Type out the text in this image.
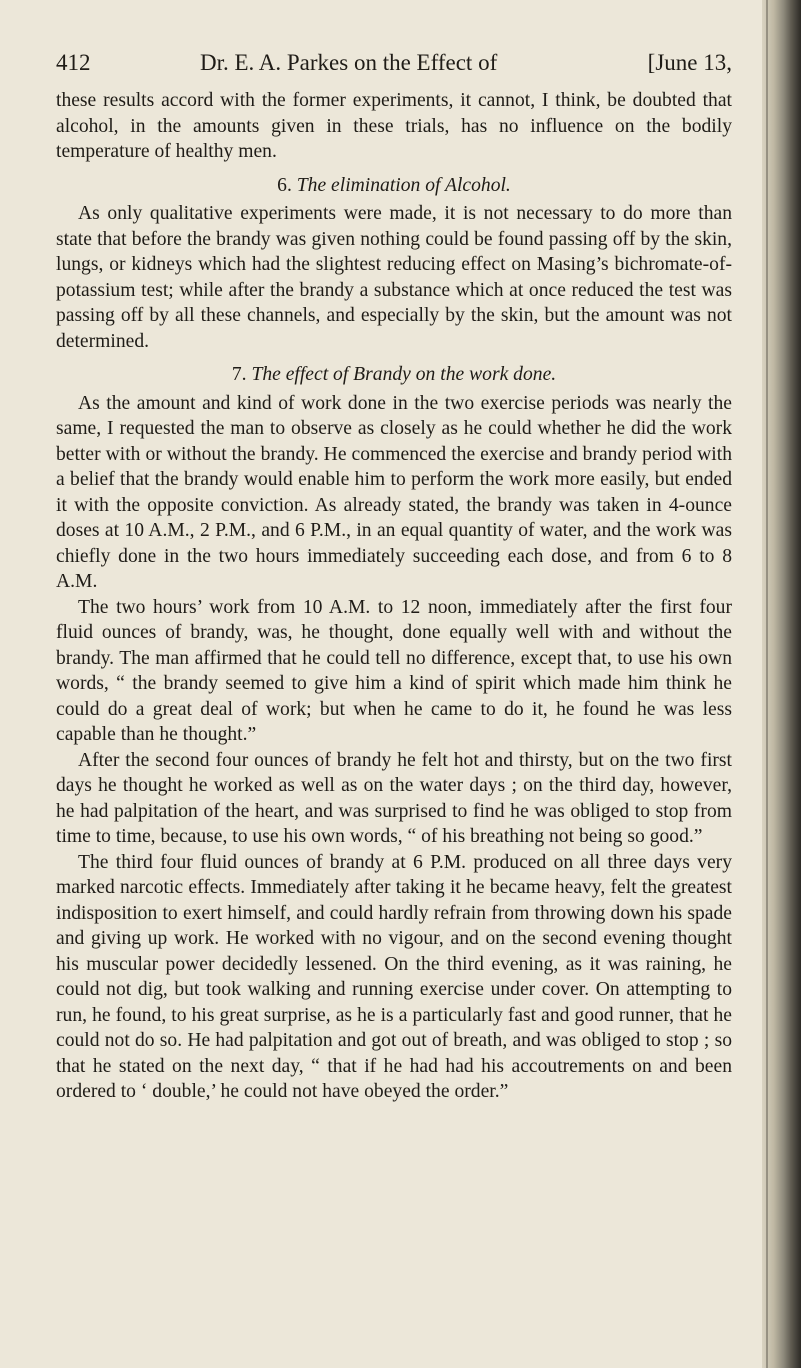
412	Dr. E. A. Parkes on the Effect of	[June 13,

these results accord with the former experiments, it cannot, I think, be doubted that alcohol, in the amounts given in these trials, has no influence on the bodily temperature of healthy men.

6. The elimination of Alcohol.

As only qualitative experiments were made, it is not necessary to do more than state that before the brandy was given nothing could be found passing off by the skin, lungs, or kidneys which had the slightest reducing effect on Masing’s bichromate-of-potassium test; while after the brandy a substance which at once reduced the test was passing off by all these channels, and especially by the skin, but the amount was not determined.

7. The effect of Brandy on the work done.

As the amount and kind of work done in the two exercise periods was nearly the same, I requested the man to observe as closely as he could whether he did the work better with or without the brandy. He commenced the exercise and brandy period with a belief that the brandy would enable him to perform the work more easily, but ended it with the opposite conviction. As already stated, the brandy was taken in 4-ounce doses at 10 A.M., 2 P.M., and 6 P.M., in an equal quantity of water, and the work was chiefly done in the two hours immediately succeeding each dose, and from 6 to 8 A.M.

The two hours’ work from 10 A.M. to 12 noon, immediately after the first four fluid ounces of brandy, was, he thought, done equally well with and without the brandy. The man affirmed that he could tell no difference, except that, to use his own words, “ the brandy seemed to give him a kind of spirit which made him think he could do a great deal of work; but when he came to do it, he found he was less capable than he thought.”

After the second four ounces of brandy he felt hot and thirsty, but on the two first days he thought he worked as well as on the water days ; on the third day, however, he had palpitation of the heart, and was surprised to find he was obliged to stop from time to time, because, to use his own words, “ of his breathing not being so good.”

The third four fluid ounces of brandy at 6 P.M. produced on all three days very marked narcotic effects. Immediately after taking it he became heavy, felt the greatest indisposition to exert himself, and could hardly refrain from throwing down his spade and giving up work. He worked with no vigour, and on the second evening thought his muscular power decidedly lessened. On the third evening, as it was raining, he could not dig, but took walking and running exercise under cover. On attempting to run, he found, to his great surprise, as he is a particularly fast and good runner, that he could not do so. He had palpitation and got out of breath, and was obliged to stop ; so that he stated on the next day, “ that if he had had his accoutrements on and been ordered to ‘ double,’ he could not have obeyed the order.”
